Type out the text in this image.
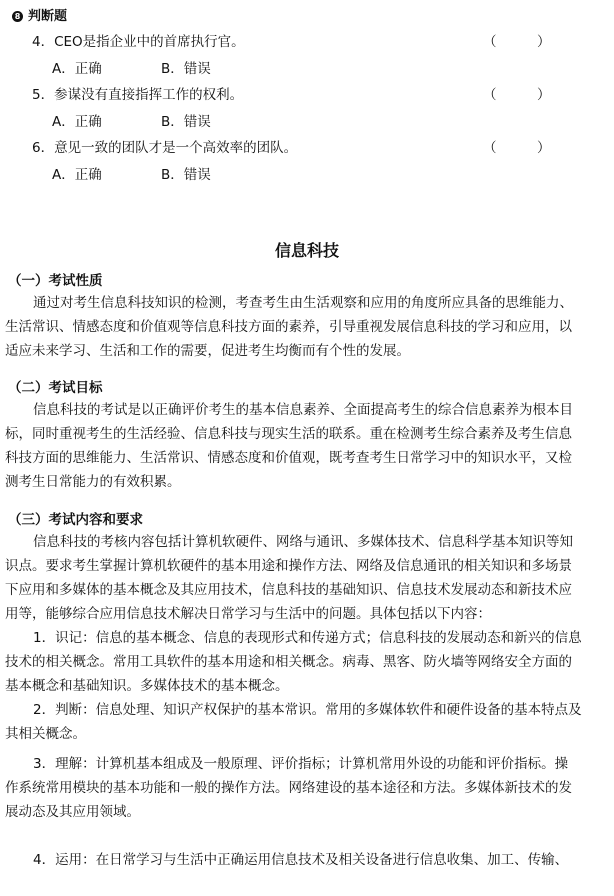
8 判断题
4．CEO是指企业中的首席执行官。	（　　　）
A．正确	B．错误
5．参谋没有直接指挥工作的权利。	（　　　）
A．正确	B．错误
6．意见一致的团队才是一个高效率的团队。	（　　　）
A．正确	B．错误
信息科技
（一）考试性质
通过对考生信息科技知识的检测，考查考生由生活观察和应用的角度所应具备的思维能力、
生活常识、情感态度和价值观等信息科技方面的素养，引导重视发展信息科技的学习和应用，以
适应未来学习、生活和工作的需要，促进考生均衡而有个性的发展。
（二）考试目标
信息科技的考试是以正确评价考生的基本信息素养、全面提高考生的综合信息素养为根本目
标，同时重视考生的生活经验、信息科技与现实生活的联系。重在检测考生综合素养及考生信息
科技方面的思维能力、生活常识、情感态度和价值观，既考查考生日常学习中的知识水平，又检
测考生日常能力的有效积累。
（三）考试内容和要求
信息科技的考核内容包括计算机软硬件、网络与通讯、多媒体技术、信息科学基本知识等知
识点。要求考生掌握计算机软硬件的基本用途和操作方法、网络及信息通讯的相关知识和多场景
下应用和多媒体的基本概念及其应用技术，信息科技的基础知识、信息技术发展动态和新技术应
用等，能够综合应用信息技术解决日常学习与生活中的问题。具体包括以下内容：
1．识记：信息的基本概念、信息的表现形式和传递方式；信息科技的发展动态和新兴的信息
技术的相关概念。常用工具软件的基本用途和相关概念。病毒、黑客、防火墙等网络安全方面的
基本概念和基础知识。多媒体技术的基本概念。
2．判断：信息处理、知识产权保护的基本常识。常用的多媒体软件和硬件设备的基本特点及
其相关概念。
3．理解：计算机基本组成及一般原理、评价指标；计算机常用外设的功能和评价指标。操
作系统常用模块的基本功能和一般的操作方法。网络建设的基本途径和方法。多媒体新技术的发
展动态及其应用领域。
4．运用：在日常学习与生活中正确运用信息技术及相关设备进行信息收集、加工、传输、
